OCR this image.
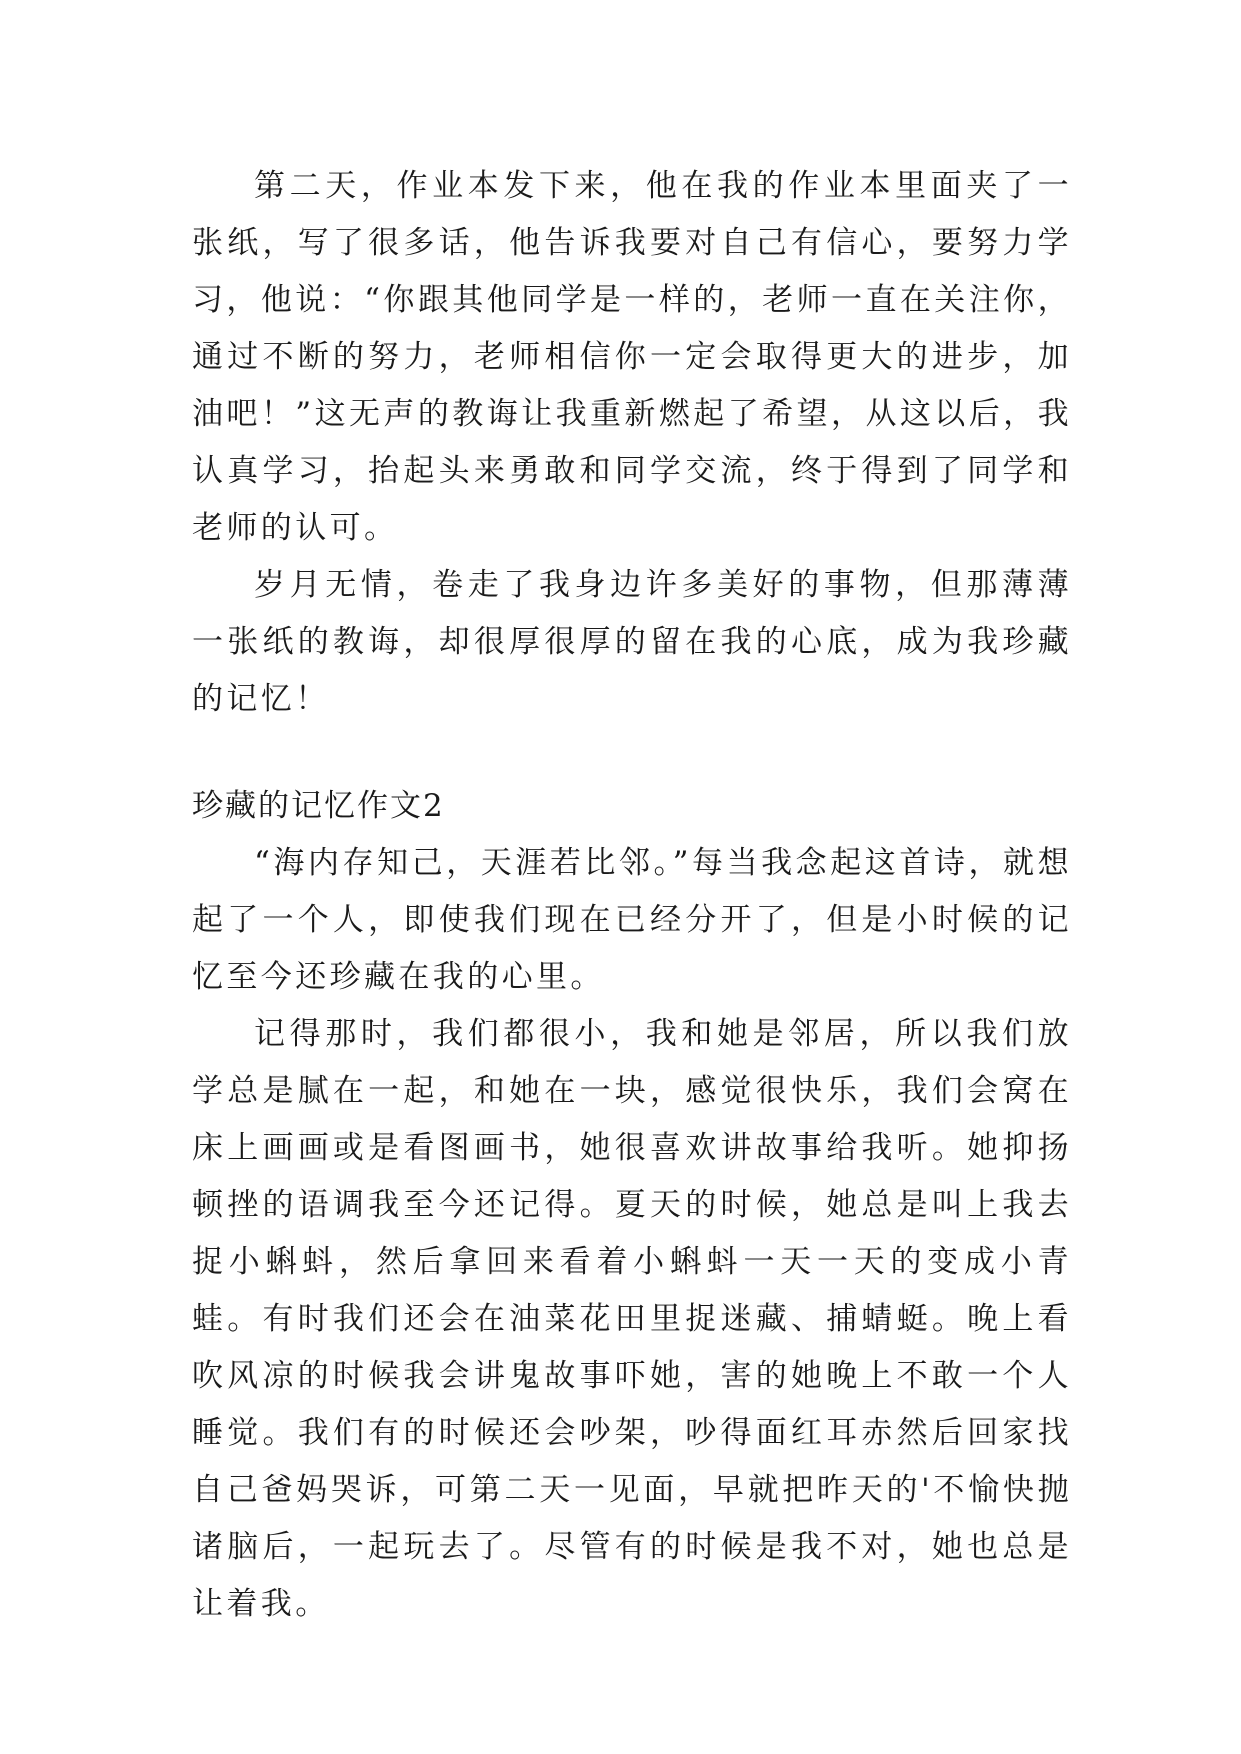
第二天，作业本发下来，他在我的作业本里面夹了一张纸，写了很多话，他告诉我要对自己有信心，要努力学习，他说：“你跟其他同学是一样的，老师一直在关注你，通过不断的努力，老师相信你一定会取得更大的进步，加油吧！”这无声的教诲让我重新燃起了希望，从这以后，我认真学习，抬起头来勇敢和同学交流，终于得到了同学和老师的认可。

岁月无情，卷走了我身边许多美好的事物，但那薄薄一张纸的教诲，却很厚很厚的留在我的心底，成为我珍藏的记忆！

珍藏的记忆作文2

“海内存知己，天涯若比邻。”每当我念起这首诗，就想起了一个人，即使我们现在已经分开了，但是小时候的记忆至今还珍藏在我的心里。

记得那时，我们都很小，我和她是邻居，所以我们放学总是腻在一起，和她在一块，感觉很快乐，我们会窝在床上画画或是看图画书，她很喜欢讲故事给我听。她抑扬顿挫的语调我至今还记得。夏天的时候，她总是叫上我去捉小蝌蚪，然后拿回来看着小蝌蚪一天一天的变成小青蛙。有时我们还会在油菜花田里捉迷藏、捕蜻蜓。晚上看吹风凉的时候我会讲鬼故事吓她，害的她晚上不敢一个人睡觉。我们有的时候还会吵架，吵得面红耳赤然后回家找自己爸妈哭诉，可第二天一见面，早就把昨天的'不愉快抛诸脑后，一起玩去了。尽管有的时候是我不对，她也总是让着我。
